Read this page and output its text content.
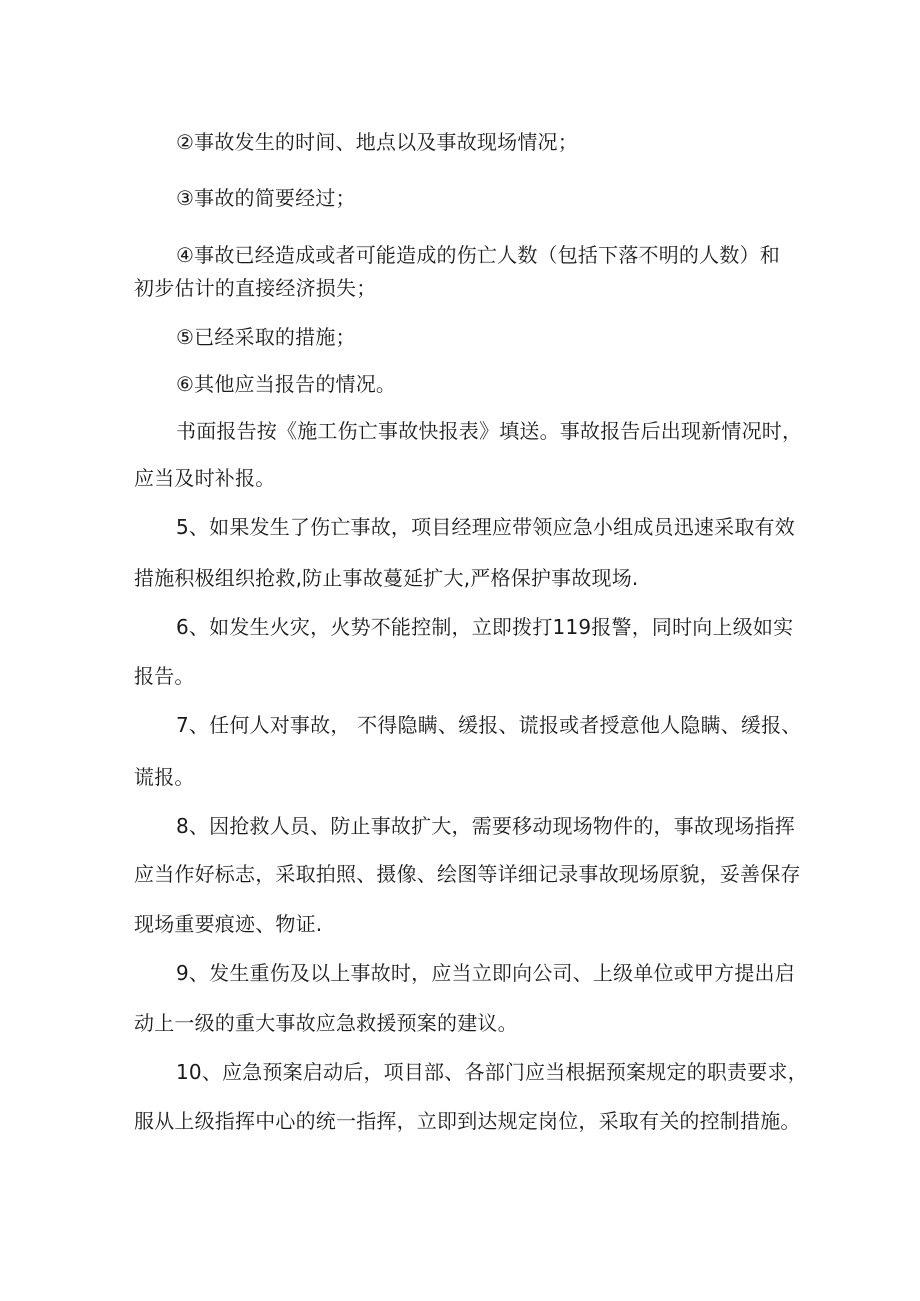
②事故发生的时间、地点以及事故现场情况；
③事故的简要经过；
④事故已经造成或者可能造成的伤亡人数（包括下落不明的人数）和
初步估计的直接经济损失；
⑤已经采取的措施；
⑥其他应当报告的情况。
书面报告按《施工伤亡事故快报表》填送。事故报告后出现新情况时，
应当及时补报。
5、如果发生了伤亡事故，项目经理应带领应急小组成员迅速采取有效
措施积极组织抢救,防止事故蔓延扩大,严格保护事故现场.
6、如发生火灾，火势不能控制，立即拨打119报警，同时向上级如实
报告。
7、任何人对事故， 不得隐瞒、缓报、谎报或者授意他人隐瞒、缓报、
谎报。
8、因抢救人员、防止事故扩大，需要移动现场物件的，事故现场指挥
应当作好标志，采取拍照、摄像、绘图等详细记录事故现场原貌，妥善保存
现场重要痕迹、物证.
9、发生重伤及以上事故时，应当立即向公司、上级单位或甲方提出启
动上一级的重大事故应急救援预案的建议。
10、应急预案启动后，项目部、各部门应当根据预案规定的职责要求，
服从上级指挥中心的统一指挥，立即到达规定岗位，采取有关的控制措施。
